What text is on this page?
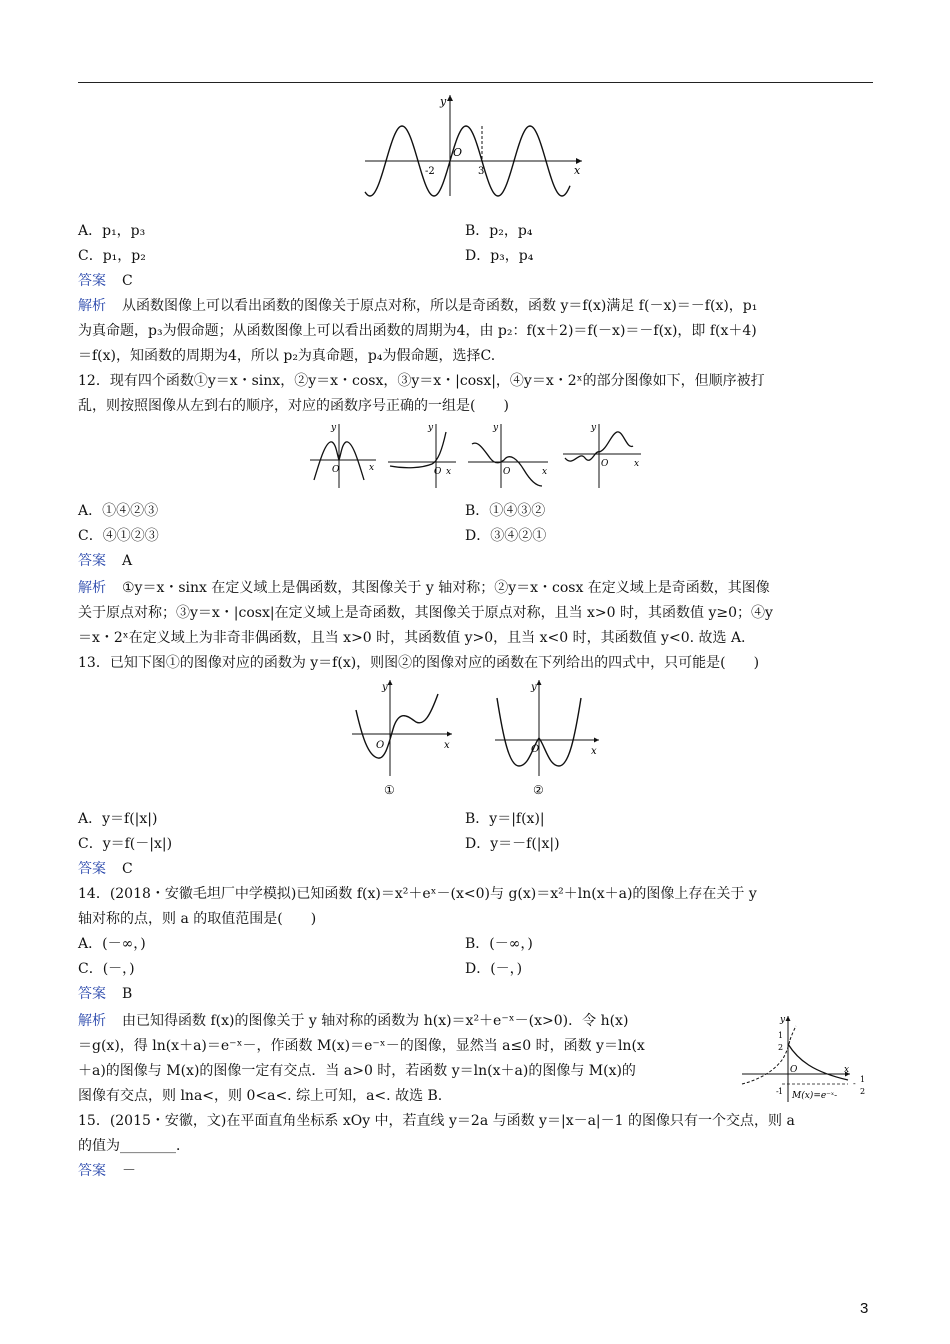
y
O
x
-2	3
A．p₁，p₃	B．p₂，p₄
C．p₁，p₂	D．p₃，p₄
答案 C
解析 从函数图像上可以看出函数的图像关于原点对称，所以是奇函数，函数 y＝f(x)满足 f(－x)＝－f(x)，p₁
为真命题，p₃为假命题；从函数图像上可以看出函数的周期为4，由 p₂：f(x＋2)＝f(－x)＝－f(x)，即 f(x＋4)
＝f(x)，知函数的周期为4，所以 p₂为真命题，p₄为假命题，选择C.
12．现有四个函数①y＝x・sinx，②y＝x・cosx，③y＝x・|cosx|，④y＝x・2ˣ的部分图像如下，但顺序被打
乱，则按照图像从左到右的顺序，对应的函数序号正确的一组是(　　)
y
O	x
y
O x
y
O	x
y
O	x
A．①④②③	B．①④③②
C．④①②③	D．③④②①
答案 A
解析 ①y＝x・sinx 在定义域上是偶函数，其图像关于 y 轴对称；②y＝x・cosx 在定义域上是奇函数，其图像
关于原点对称；③y＝x・|cosx|在定义域上是奇函数，其图像关于原点对称，且当 x>0 时，其函数值 y≥0；④y
＝x・2ˣ在定义域上为非奇非偶函数，且当 x>0 时，其函数值 y>0，且当 x<0 时，其函数值 y<0. 故选 A.
13．已知下图①的图像对应的函数为 y＝f(x)，则图②的图像对应的函数在下列给出的四式中，只可能是(　　)
y
O	x
①
y
O	x
②
A．y＝f(|x|)	B．y＝|f(x)|
C．y＝f(－|x|)	D．y＝－f(|x|)
答案 C
14．(2018・安徽毛坦厂中学模拟)已知函数 f(x)＝x²＋eˣ－(x<0)与 g(x)＝x²＋ln(x＋a)的图像上存在关于 y
轴对称的点，则 a 的取值范围是(　　)
A．(－∞，)	B．(－∞，)
C．(－，)	D．(－，)
答案 B
解析 由已知得函数 f(x)的图像关于 y 轴对称的函数为 h(x)＝x²＋e⁻ˣ－(x>0)．令 h(x)
＝g(x)，得 ln(x＋a)＝e⁻ˣ－，作函数 M(x)＝e⁻ˣ－的图像，显然当 a≤0 时，函数 y＝ln(x
＋a)的图像与 M(x)的图像一定有交点．当 a>0 时，若函数 y＝ln(x＋a)的图像与 M(x)的
图像有交点，则 lna<，则 0<a<. 综上可知，a<. 故选 B.
y
O	x
1
2
- 1 M(x)=e⁻ˣ-
- 1
2
15．(2015・安徽，文)在平面直角坐标系 xOy 中，若直线 y＝2a 与函数 y＝|x－a|－1 的图像只有一个交点，则 a
的值为________．
答案 －
3
